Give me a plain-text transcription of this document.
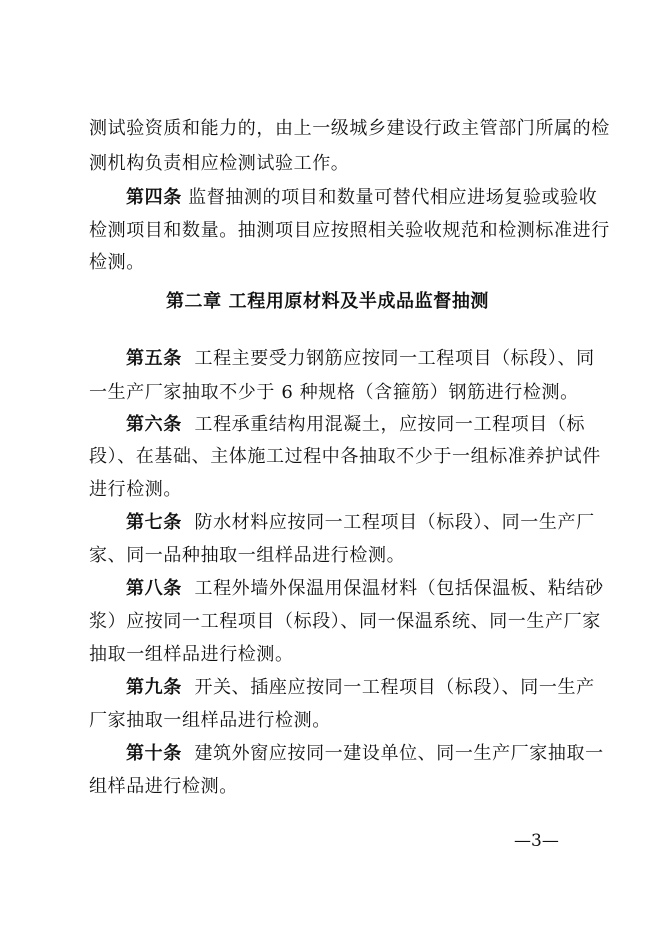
测试验资质和能力的，由上一级城乡建设行政主管部门所属的检
测机构负责相应检测试验工作。
第四条 监督抽测的项目和数量可替代相应进场复验或验收
检测项目和数量。抽测项目应按照相关验收规范和检测标准进行
检测。
第二章 工程用原材料及半成品监督抽测
第五条 工程主要受力钢筋应按同一工程项目（标段）、同
一生产厂家抽取不少于 6 种规格（含箍筋）钢筋进行检测。
第六条 工程承重结构用混凝土，应按同一工程项目（标
段）、在基础、主体施工过程中各抽取不少于一组标准养护试件
进行检测。
第七条 防水材料应按同一工程项目（标段）、同一生产厂
家、同一品种抽取一组样品进行检测。
第八条 工程外墙外保温用保温材料（包括保温板、粘结砂
浆）应按同一工程项目（标段）、同一保温系统、同一生产厂家
抽取一组样品进行检测。
第九条 开关、插座应按同一工程项目（标段）、同一生产
厂家抽取一组样品进行检测。
第十条 建筑外窗应按同一建设单位、同一生产厂家抽取一
组样品进行检测。
—3—
